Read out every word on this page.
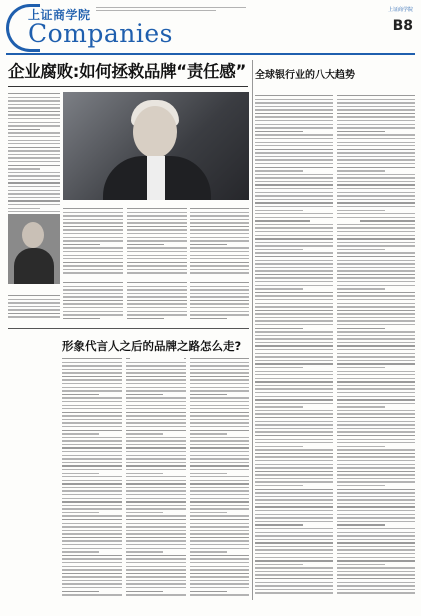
上证商学院
Companies
上证商学院
B8
企业腐败:如何拯救品牌“责任感” 全球银行业的八大趋势
形象代言人之后的品牌之路怎么走?
